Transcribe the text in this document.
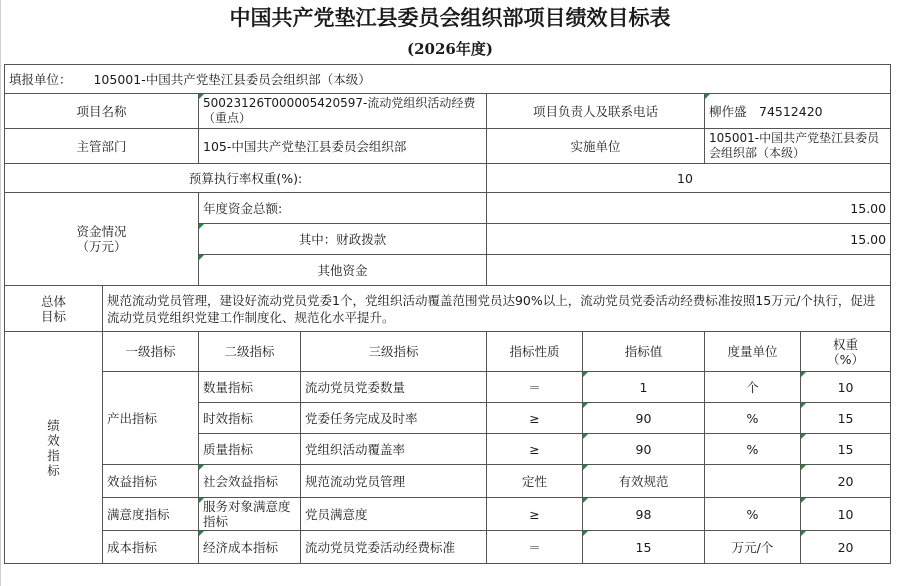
中国共产党垫江县委员会组织部项目绩效目标表
(2026年度)
填报单位： 105001-中国共产党垫江县委员会组织部（本级）							
项目名称		50023126T000005420597-流动党组织活动经费（重点）		项目负责人及联系电话		柳作盛　74512420	
主管部门		105-中国共产党垫江县委员会组织部		实施单位		105001-中国共产党垫江县委员会组织部（本级）	
预算执行率权重(%):				10			
资金情况
（万元）		年度资金总额:		15.00			
		其中：财政拨款		15.00			
		其他资金					
总体
目标	规范流动党员管理，建设好流动党员党委1个，党组织活动覆盖范围党员达90%以上，流动党员党委活动经费标准按照15万元/个执行，促进流动党员党组织党建工作制度化、规范化水平提升。						
绩
效
指
标	一级指标	二级指标	三级指标	指标性质	指标值	度量单位	权重
（%）
	产出指标	数量指标	流动党员党委数量	＝	1	个	10
		时效指标	党委任务完成及时率	≥	90	%	15
		质量指标	党组织活动覆盖率	≥	90	%	15
	效益指标	社会效益指标	规范流动党员管理	定性	有效规范		20
	满意度指标	服务对象满意度指标	党员满意度	≥	98	%	10
	成本指标	经济成本指标	流动党员党委活动经费标准	＝	15	万元/个	20
